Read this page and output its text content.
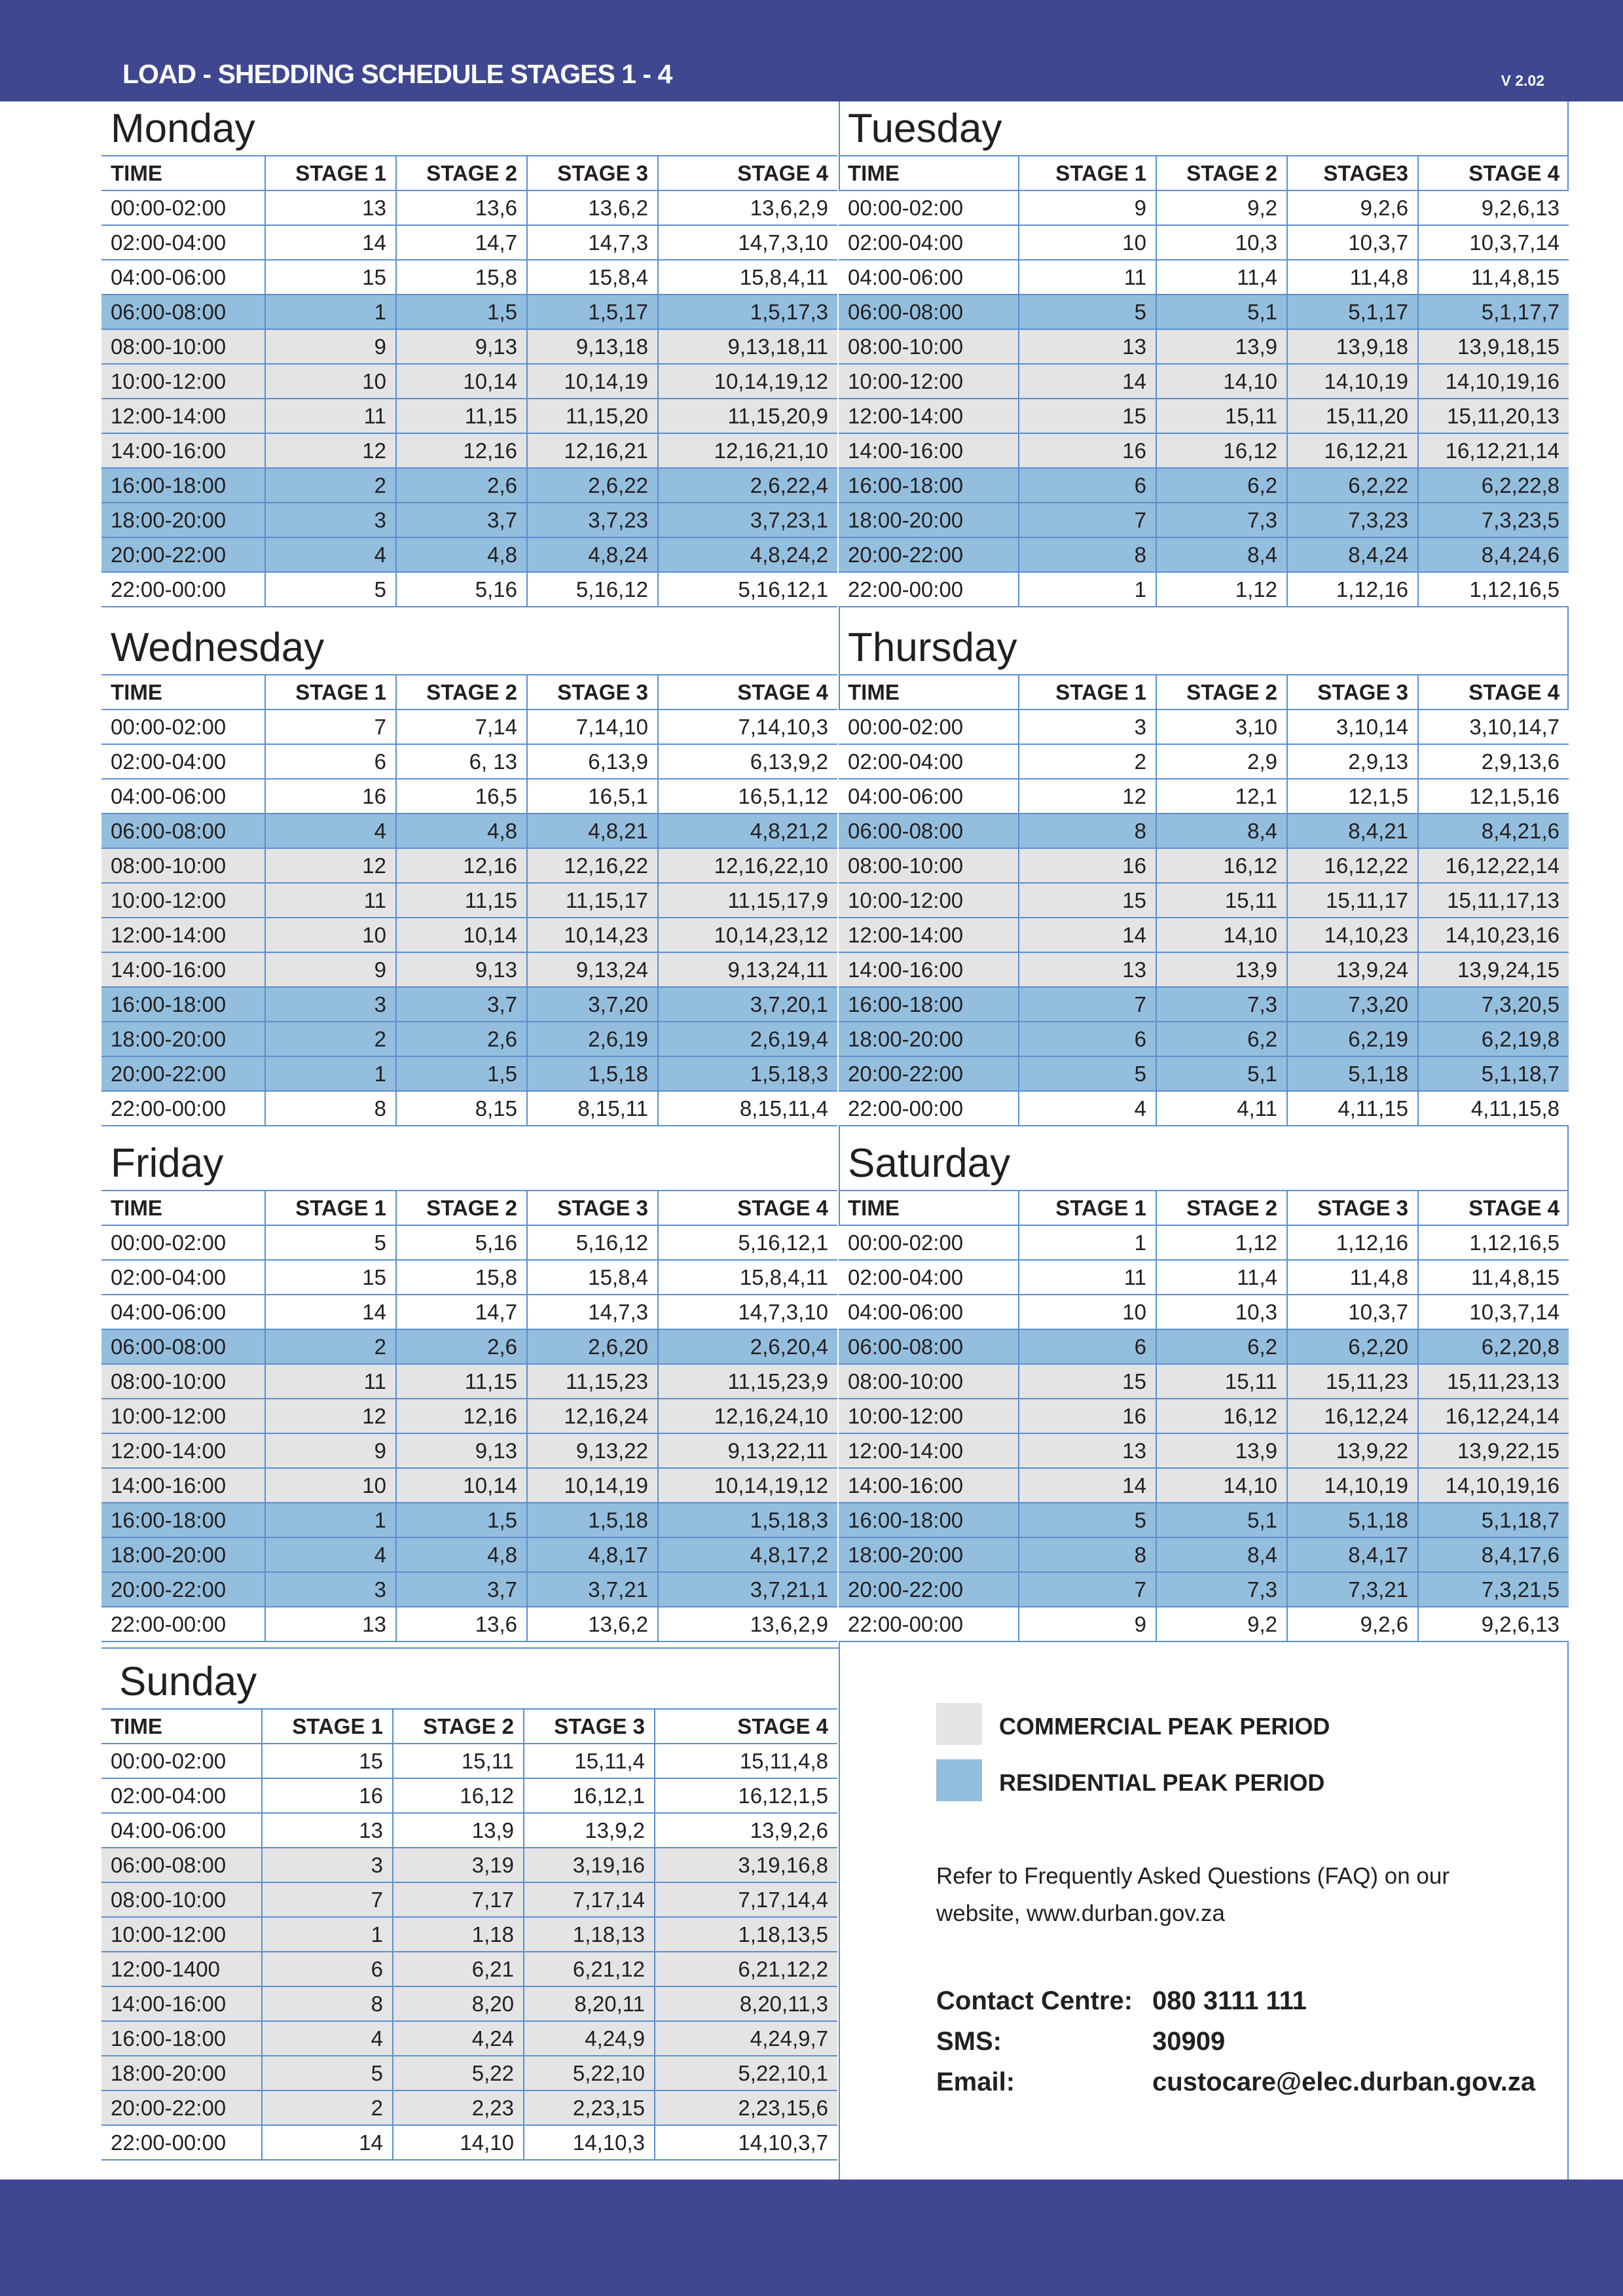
LOAD - SHEDDING SCHEDULE STAGES 1 - 4	V 2.02
Monday
TIME	STAGE 1	STAGE 2	STAGE 3	STAGE 4
00:00-02:00	13	13,6	13,6,2	13,6,2,9
02:00-04:00	14	14,7	14,7,3	14,7,3,10
04:00-06:00	15	15,8	15,8,4	15,8,4,11
06:00-08:00	1	1,5	1,5,17	1,5,17,3
08:00-10:00	9	9,13	9,13,18	9,13,18,11
10:00-12:00	10	10,14	10,14,19	10,14,19,12
12:00-14:00	11	11,15	11,15,20	11,15,20,9
14:00-16:00	12	12,16	12,16,21	12,16,21,10
16:00-18:00	2	2,6	2,6,22	2,6,22,4
18:00-20:00	3	3,7	3,7,23	3,7,23,1
20:00-22:00	4	4,8	4,8,24	4,8,24,2
22:00-00:00	5	5,16	5,16,12	5,16,12,1
Tuesday
TIME	STAGE 1	STAGE 2	STAGE3	STAGE 4
00:00-02:00	9	9,2	9,2,6	9,2,6,13
02:00-04:00	10	10,3	10,3,7	10,3,7,14
04:00-06:00	11	11,4	11,4,8	11,4,8,15
06:00-08:00	5	5,1	5,1,17	5,1,17,7
08:00-10:00	13	13,9	13,9,18	13,9,18,15
10:00-12:00	14	14,10	14,10,19	14,10,19,16
12:00-14:00	15	15,11	15,11,20	15,11,20,13
14:00-16:00	16	16,12	16,12,21	16,12,21,14
16:00-18:00	6	6,2	6,2,22	6,2,22,8
18:00-20:00	7	7,3	7,3,23	7,3,23,5
20:00-22:00	8	8,4	8,4,24	8,4,24,6
22:00-00:00	1	1,12	1,12,16	1,12,16,5
Wednesday
TIME	STAGE 1	STAGE 2	STAGE 3	STAGE 4
00:00-02:00	7	7,14	7,14,10	7,14,10,3
02:00-04:00	6	6, 13	6,13,9	6,13,9,2
04:00-06:00	16	16,5	16,5,1	16,5,1,12
06:00-08:00	4	4,8	4,8,21	4,8,21,2
08:00-10:00	12	12,16	12,16,22	12,16,22,10
10:00-12:00	11	11,15	11,15,17	11,15,17,9
12:00-14:00	10	10,14	10,14,23	10,14,23,12
14:00-16:00	9	9,13	9,13,24	9,13,24,11
16:00-18:00	3	3,7	3,7,20	3,7,20,1
18:00-20:00	2	2,6	2,6,19	2,6,19,4
20:00-22:00	1	1,5	1,5,18	1,5,18,3
22:00-00:00	8	8,15	8,15,11	8,15,11,4
Thursday
TIME	STAGE 1	STAGE 2	STAGE 3	STAGE 4
00:00-02:00	3	3,10	3,10,14	3,10,14,7
02:00-04:00	2	2,9	2,9,13	2,9,13,6
04:00-06:00	12	12,1	12,1,5	12,1,5,16
06:00-08:00	8	8,4	8,4,21	8,4,21,6
08:00-10:00	16	16,12	16,12,22	16,12,22,14
10:00-12:00	15	15,11	15,11,17	15,11,17,13
12:00-14:00	14	14,10	14,10,23	14,10,23,16
14:00-16:00	13	13,9	13,9,24	13,9,24,15
16:00-18:00	7	7,3	7,3,20	7,3,20,5
18:00-20:00	6	6,2	6,2,19	6,2,19,8
20:00-22:00	5	5,1	5,1,18	5,1,18,7
22:00-00:00	4	4,11	4,11,15	4,11,15,8
Friday
TIME	STAGE 1	STAGE 2	STAGE 3	STAGE 4
00:00-02:00	5	5,16	5,16,12	5,16,12,1
02:00-04:00	15	15,8	15,8,4	15,8,4,11
04:00-06:00	14	14,7	14,7,3	14,7,3,10
06:00-08:00	2	2,6	2,6,20	2,6,20,4
08:00-10:00	11	11,15	11,15,23	11,15,23,9
10:00-12:00	12	12,16	12,16,24	12,16,24,10
12:00-14:00	9	9,13	9,13,22	9,13,22,11
14:00-16:00	10	10,14	10,14,19	10,14,19,12
16:00-18:00	1	1,5	1,5,18	1,5,18,3
18:00-20:00	4	4,8	4,8,17	4,8,17,2
20:00-22:00	3	3,7	3,7,21	3,7,21,1
22:00-00:00	13	13,6	13,6,2	13,6,2,9
Saturday
TIME	STAGE 1	STAGE 2	STAGE 3	STAGE 4
00:00-02:00	1	1,12	1,12,16	1,12,16,5
02:00-04:00	11	11,4	11,4,8	11,4,8,15
04:00-06:00	10	10,3	10,3,7	10,3,7,14
06:00-08:00	6	6,2	6,2,20	6,2,20,8
08:00-10:00	15	15,11	15,11,23	15,11,23,13
10:00-12:00	16	16,12	16,12,24	16,12,24,14
12:00-14:00	13	13,9	13,9,22	13,9,22,15
14:00-16:00	14	14,10	14,10,19	14,10,19,16
16:00-18:00	5	5,1	5,1,18	5,1,18,7
18:00-20:00	8	8,4	8,4,17	8,4,17,6
20:00-22:00	7	7,3	7,3,21	7,3,21,5
22:00-00:00	9	9,2	9,2,6	9,2,6,13
Sunday
TIME	STAGE 1	STAGE 2	STAGE 3	STAGE 4
00:00-02:00	15	15,11	15,11,4	15,11,4,8
02:00-04:00	16	16,12	16,12,1	16,12,1,5
04:00-06:00	13	13,9	13,9,2	13,9,2,6
06:00-08:00	3	3,19	3,19,16	3,19,16,8
08:00-10:00	7	7,17	7,17,14	7,17,14,4
10:00-12:00	1	1,18	1,18,13	1,18,13,5
12:00-1400	6	6,21	6,21,12	6,21,12,2
14:00-16:00	8	8,20	8,20,11	8,20,11,3
16:00-18:00	4	4,24	4,24,9	4,24,9,7
18:00-20:00	5	5,22	5,22,10	5,22,10,1
20:00-22:00	2	2,23	2,23,15	2,23,15,6
22:00-00:00	14	14,10	14,10,3	14,10,3,7
COMMERCIAL PEAK PERIOD
RESIDENTIAL PEAK PERIOD
Refer to Frequently Asked Questions (FAQ) on our
website, www.durban.gov.za
Contact Centre: 080 3111 111
SMS:	30909
Email:	custocare@elec.durban.gov.za
